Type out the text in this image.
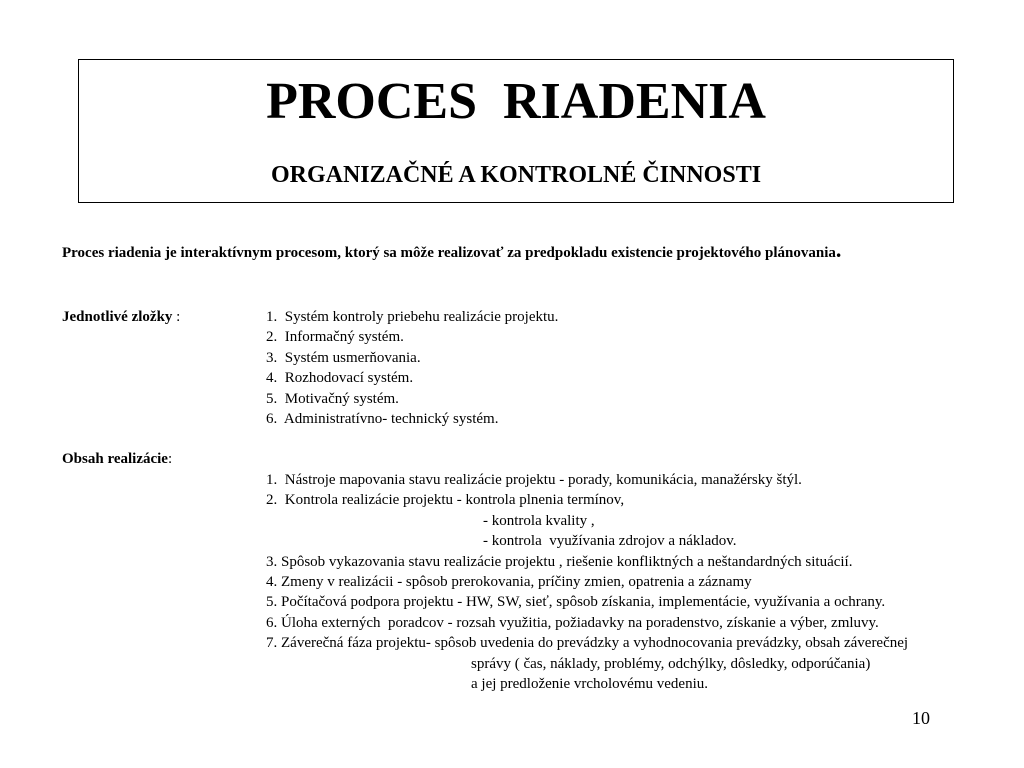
PROCES  RIADENIA
ORGANIZAČNÉ A KONTROLNÉ ČINNOSTI

Proces riadenia je interaktívnym procesom, ktorý sa môže realizovať za predpokladu existencie projektového plánovania.

Jednotlivé zložky :	1.  Systém kontroly priebehu realizácie projektu.
2.  Informačný systém.
3.  Systém usmerňovania.
4.  Rozhodovací systém.
5.  Motivačný systém.
6.  Administratívno- technický systém.
Obsah realizácie:
1.  Nástroje mapovania stavu realizácie projektu - porady, komunikácia, manažérsky štýl.
2.  Kontrola realizácie projektu - kontrola plnenia termínov,
- kontrola kvality ,
- kontrola  využívania zdrojov a nákladov.
3. Spôsob vykazovania stavu realizácie projektu , riešenie konfliktných a neštandardných situácií.
4. Zmeny v realizácii - spôsob prerokovania, príčiny zmien, opatrenia a záznamy
5. Počítačová podpora projektu - HW, SW, sieť, spôsob získania, implementácie, využívania a ochrany.
6. Úloha externých  poradcov - rozsah využitia, požiadavky na poradenstvo, získanie a výber, zmluvy.
7. Záverečná fáza projektu- spôsob uvedenia do prevádzky a vyhodnocovania prevádzky, obsah záverečnej
správy ( čas, náklady, problémy, odchýlky, dôsledky, odporúčania)
a jej predloženie vrcholovému vedeniu.
10
